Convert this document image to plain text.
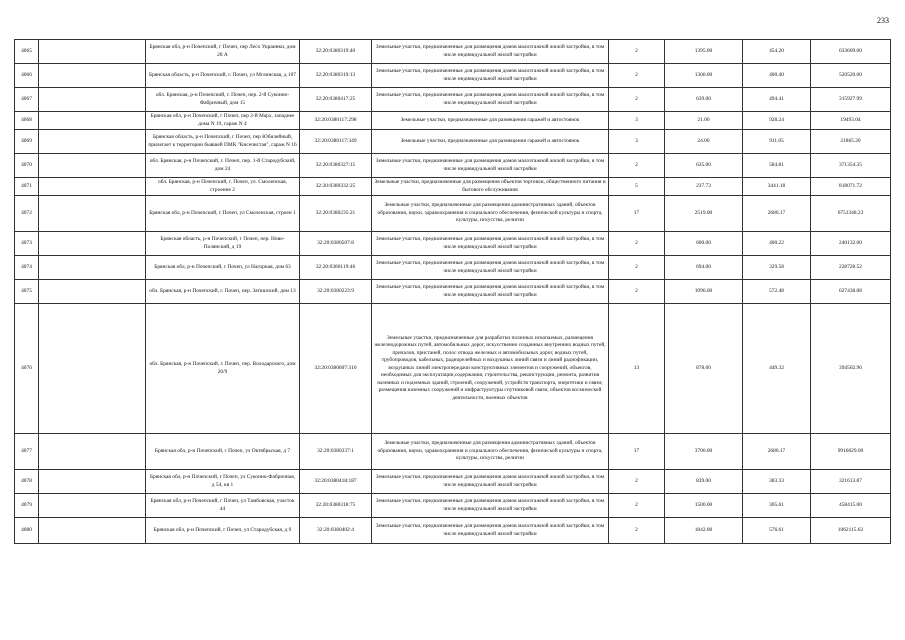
233
4065		Брянская обл, р-н Почепский, г Почеп, пер Лесо Украинки, дом 28 А	32:20:0380319:40	Земельные участки, предназначенные для размещения домов малоэтажной жилой застройки, в том числе индивидуальной жилой застройки	2	1395.00	454.20	633609.00
4066		Брянская область, р-н Почепский, г. Почеп, ул Мглинская, д 107	32:20:0380319:13	Земельные участки, предназначенные для размещения домов малоэтажной жилой застройки, в том числе индивидуальной жилой застройки	2	1300.00	400.40	520520.00
4067		обл. Брянская, р-н Почепский, г. Почеп, пер. 2-й Суконно-Фабричный, дом 15	32:20:0380417:25	Земельные участки, предназначенные для размещения домов малоэтажной жилой застройки, в том числе индивидуальной жилой застройки	2	639.00	494.41	315927.99
4068		Брянская обл, р-н Почепский, г Почеп, пер 2-й Марх, западнее дома N 19, гараж N 4	32:20:0380117:298	Земельные участки, предназначенные для размещения гаражей и автостоянок	3	21.00	928.24	19493.04
4069		Брянская область, р-н Почепский, г Почеп, пер Юбилейный, прилегает к территории бывшей ПМК "Кисечистая", гараж N 16	32:20:0380117:349	Земельные участки, предназначенные для размещения гаражей и автостоянок	3	24.00	911.05	21865.20
4070		обл. Брянская, р-н Почепский, г. Почеп, пер. 1-й Стародубский, дом 24	32:20:0380327:15	Земельные участки, предназначенные для размещения домов малоэтажной жилой застройки, в том числе индивидуальной жилой застройки	2	635.00	584.81	371354.35
4071		обл. Брянская, р-н Почепский, г. Почеп, ул. Смоленская, строение 2	32:20:0380332:25	Земельные участки, предназначенные для размещения объектов торговли, общественного питания и бытового обслуживания	5	237.73	3441.18	818071.72
4072		Брянская обл, р-н Почепский, г Почеп, ул Смоленская, строен 1	32:20:0380235:21	Земельные участки, предназначенные для размещения административных зданий, объектов образования, науки, здравоохранения и социального обеспечения, физической культуры и спорта, культуры, искусства, религии	17	2519.00	2680.17	6751348.23
4073		Брянская область, р-н Почепский, г Почеп, пер. Ново-Полянский, д 19	32:20:0380507:8	Земельные участки, предназначенные для размещения домов малоэтажной жилой застройки, в том числе индивидуальной жилой застройки	2	600.00	400.22	240132.00
4074		Брянская обл, р-н Почепский, г Почеп, ул Нагорная, дом 63	32:20:0380119:46	Земельные участки, предназначенные для размещения домов малоэтажной жилой застройки, в том числе индивидуальной жилой застройки	2	694.00	329.58	228728.52
4075		обл. Брянская, р-н Почепский, г. Почеп, пер. Затишский, дом 13	32:20:0380223:9	Земельные участки, предназначенные для размещения домов малоэтажной жилой застройки, в том числе индивидуальной жилой застройки	2	1096.00	572.48	627438.08
4076		обл. Брянская, р-н Почепский, г. Почеп, пер. Володарского, дом 20/9	32:20:0380607:310	Земельные участки, предназначенные для разработки полезных ископаемых, размещения железнодорожных путей, автомобильных дорог, искусственно созданных внутренних водных путей, причалов, пристаней, полос отвода железных и автомобильных дорог, водных путей, трубопроводов, кабельных, радиорелейных и воздушных линий связи и линий радиофикации, воздушных линий электропередачи конструктивных элементов и сооружений, объектов, необходимых для эксплуатации,содержания, строительства, реконструкции, ремонта, развития наземных и подземных зданий, строений, сооружений, устройств транспорта, энергетики и связи; размещения наземных сооружений и инфраструктуры спутниковой связи, объектов космической деятельности, военных объектов	13	878.00	449.32	394502.96
4077		Брянская обл, р-н Почепский, г Почеп, ул Октябрьская, д 7	32:20:0380337:1	Земельные участки, предназначенные для размещения административных зданий, объектов образования, науки, здравоохранения и социального обеспечения, физической культуры и спорта, культуры, искусства, религии	17	3700.00	2680.17	9916629.00
4078		Брянская обл, р-н Почепский, г Почеп, ул Суконно-Фабричная, д 54, кв 1	32:20:0380418:187	Земельные участки, предназначенные для размещения домов малоэтажной жилой застройки, в том числе индивидуальной жилой застройки	2	839.00	383.33	321613.87
4079		Брянская обл, р-н Почепский, г Почеп, ул Тамбовская, участок 44	32:20:0380318:75	Земельные участки, предназначенные для размещения домов малоэтажной жилой застройки, в том числе индивидуальной жилой застройки	2	1500.00	305.61	458415.00
4080		Брянская обл, р-н Почепский, г Почеп, ул Стародубская, д 9	32:20:0380402:4	Земельные участки, предназначенные для размещения домов малоэтажной жилой застройки, в том числе индивидуальной жилой застройки	2	1842.00	576.61	1062115.62
